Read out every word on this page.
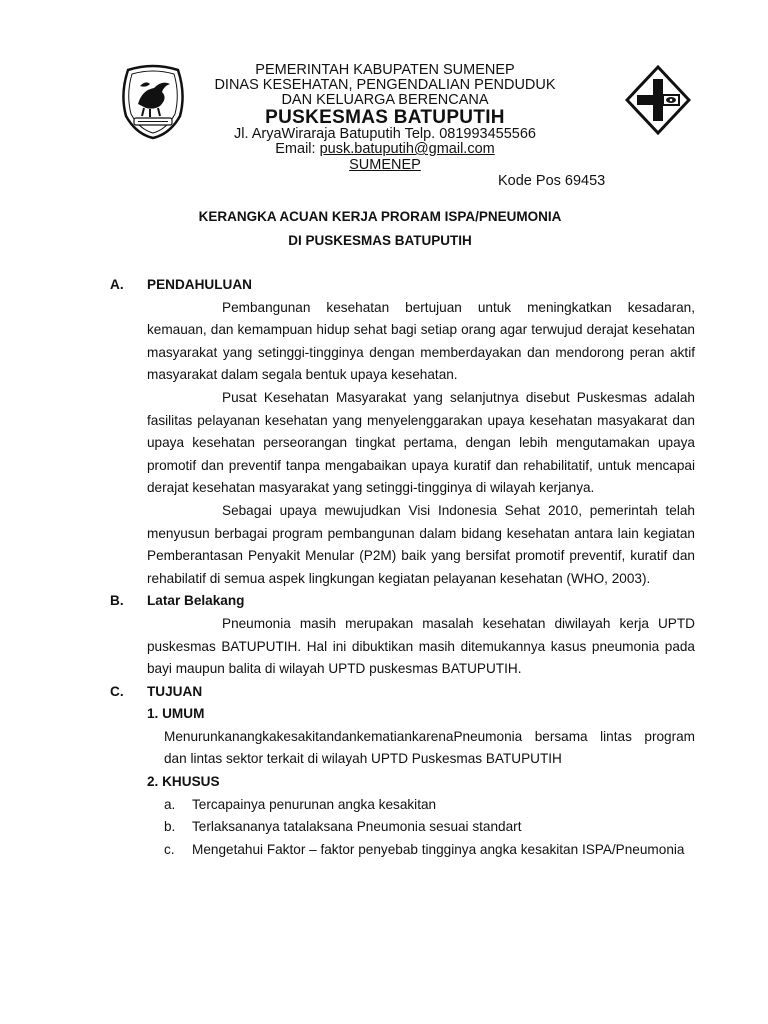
PEMERINTAH KABUPATEN SUMENEP
DINAS KESEHATAN, PENGENDALIAN PENDUDUK
DAN KELUARGA BERENCANA
PUSKESMAS BATUPUTIH
Jl. AryaWiraraja Batuputih Telp. 081993455566
Email: pusk.batuputih@gmail.com
SUMENEP
Kode Pos 69453
KERANGKA ACUAN KERJA PRORAM ISPA/PNEUMONIA
DI PUSKESMAS BATUPUTIH
A. PENDAHULUAN
Pembangunan kesehatan bertujuan untuk meningkatkan kesadaran, kemauan, dan kemampuan hidup sehat bagi setiap orang agar terwujud derajat kesehatan masyarakat yang setinggi-tingginya dengan memberdayakan dan mendorong peran aktif masyarakat dalam segala bentuk upaya kesehatan.
Pusat Kesehatan Masyarakat yang selanjutnya disebut Puskesmas adalah fasilitas pelayanan kesehatan yang menyelenggarakan upaya kesehatan masyakarat dan upaya kesehatan perseorangan tingkat pertama, dengan lebih mengutamakan upaya promotif dan preventif tanpa mengabaikan upaya kuratif dan rehabilitatif, untuk mencapai derajat kesehatan masyarakat yang setinggi-tingginya di wilayah kerjanya.
Sebagai upaya mewujudkan Visi Indonesia Sehat 2010, pemerintah telah menyusun berbagai program pembangunan dalam bidang kesehatan antara lain kegiatan Pemberantasan Penyakit Menular (P2M) baik yang bersifat promotif preventif, kuratif dan rehabilatif di semua aspek lingkungan kegiatan pelayanan kesehatan (WHO, 2003).
B. Latar Belakang
Pneumonia masih merupakan masalah kesehatan diwilayah kerja UPTD puskesmas BATUPUTIH. Hal ini dibuktikan masih ditemukannya kasus pneumonia pada bayi maupun balita di wilayah UPTD puskesmas BATUPUTIH.
C. TUJUAN
1. UMUM
MenurunkanangkakesakitandankematiankarenaPneumonia bersama lintas program dan lintas sektor terkait di wilayah UPTD Puskesmas BATUPUTIH
2. KHUSUS
a. Tercapainya penurunan angka kesakitan
b. Terlaksananya tatalaksana Pneumonia sesuai standart
c. Mengetahui Faktor – faktor penyebab tingginya angka kesakitan ISPA/Pneumonia
